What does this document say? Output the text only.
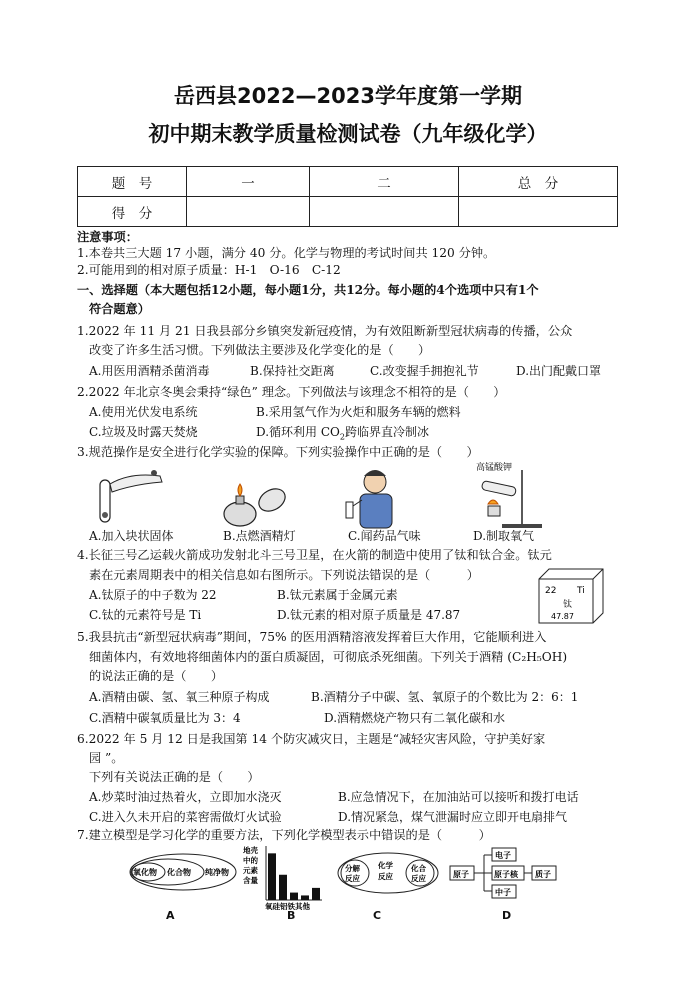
岳西县2022—2023学年度第一学期
初中期末教学质量检测试卷（九年级化学）
题　号	一	二	总　分
得　分			
注意事项：
1.本卷共三大题 17 小题，满分 40 分。化学与物理的考试时间共 120 分钟。
2.可能用到的相对原子质量：H-1　O-16　C-12
一、选择题（本大题包括12小题，每小题1分，共12分。每小题的4个选项中只有1个
符合题意）
1.2022 年 11 月 21 日我县部分乡镇突发新冠疫情，为有效阻断新型冠状病毒的传播，公众
改变了许多生活习惯。下列做法主要涉及化学变化的是（　　）
A.用医用酒精杀菌消毒	B.保持社交距离	C.改变握手拥抱礼节	D.出门配戴口罩
2.2022 年北京冬奥会秉持“绿色” 理念。下列做法与该理念不相符的是（　　）
A.使用光伏发电系统	B.采用氢气作为火炬和服务车辆的燃料
C.垃圾及时露天焚烧	D.循环利用 $CO_2$跨临界直冷制冰
3.规范操作是安全进行化学实验的保障。下列实验操作中正确的是（　　）
高锰酸钾
A.加入块状固体	B.点燃酒精灯	C.闻药品气味	D.制取氧气
4.长征三号乙运载火箭成功发射北斗三号卫星，在火箭的制造中使用了钛和钛合金。钛元
素在元素周期表中的相关信息如右图所示。下列说法错误的是（　　　）
A.钛原子的中子数为 22	B.钛元素属于金属元素
C.钛的元素符号是 Ti	D.钛元素的相对原子质量是 47.87
22 Ti
钛
47.87
5.我县抗击“新型冠状病毒”期间，75% 的医用酒精溶液发挥着巨大作用，它能顺利进入
细菌体内，有效地将细菌体内的蛋白质凝固，可彻底杀死细菌。下列关于酒精 (C₂H₅OH)
的说法正确的是（　　）
A.酒精由碳、氢、氧三种原子构成	B.酒精分子中碳、氢、氧原子的个数比为 2：6：1
C.酒精中碳氧质量比为 3：4	D.酒精燃烧产物只有二氧化碳和水
6.2022 年 5 月 12 日是我国第 14 个防灾减灾日，主题是“减轻灾害风险，守护美好家
园 ”。
下列有关说法正确的是（　　）
A.炒菜时油过热着火，立即加水浇灭	B.应急情况下，在加油站可以接听和拨打电话
C.进入久未开启的菜窖需做灯火试验	D.情况紧急，煤气泄漏时应立即开电扇排气
7.建立模型是学习化学的重要方法，下列化学模型表示中错误的是（　　　）
氧化物 化合物 纯净物
地壳
中的
元素
含量
氧硅铝铁其他
分解
反应
化学
反应
化合
反应	原子
电子
原子核
中子
质子
A	B	C	D
